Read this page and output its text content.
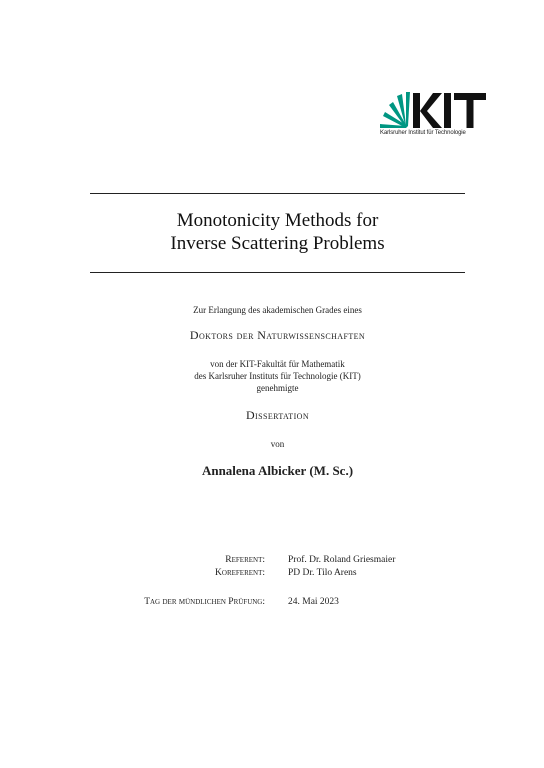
Karlsruher Institut für Technologie
Monotonicity Methods for
Inverse Scattering Problems
Zur Erlangung des akademischen Grades eines
Doktors der Naturwissenschaften
von der KIT-Fakultät für Mathematik
des Karlsruher Instituts für Technologie (KIT)
genehmigte
Dissertation
von
Annalena Albicker (M. Sc.)
Referent: Prof. Dr. Roland Griesmaier
Koreferent: PD Dr. Tilo Arens
Tag der mündlichen Prüfung: 24. Mai 2023
